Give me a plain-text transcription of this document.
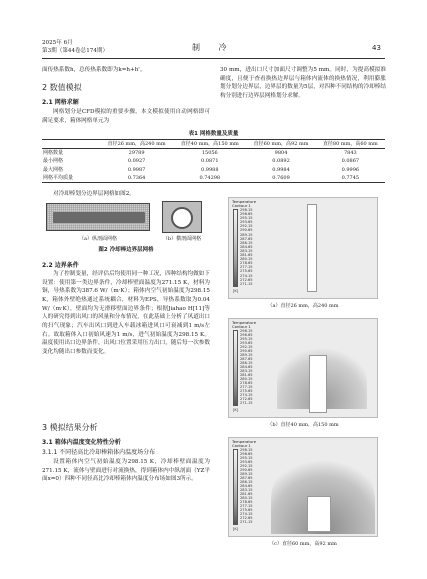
2025年 6月
第3期（第44卷总174期）	制 冷	43
面传热系数h，总传热系数即为k=h+h'。
2 数值模拟
2.1 网格求解
网格划分是CFD模拟的重要步骤，本文模拟使用自动网格即可满足要求，箱体网格单元为
30 mm，进出口尺寸加面尺寸调整为5 mm。同时，为提高模拟准确度，且便于查看换热边界层与箱体内流体的换热情况，利用膨胀划分划分边界层，边界层的数量为5层，对四种不同结构的冷却棒结构分别进行边界层网格划分求解。
表1 网格数量及质量
	直径26 mm，高240 mm	直径40 mm，高150 mm	直径60 mm，高92 mm	直径80 mm，高60 mm
网格数量	29789	15056	9804	7843
最小网格	0.0927	0.0871	0.0892	0.0867
最大网格	0.9987	0.9988	0.9984	0.9996
网格平均质量	0.7364	0.74298	0.7609	0.7745
对冷却棒划分边界层网格如图2。
（a）纵剖面网格	（b）横剖面网格
图2 冷却棒边界层网格
2.2 边界条件
为了控制变量，经评估后均使用同一种工况，四种结构均做如下设置：使用第一类边界条件，冷却棒壁面温度为271.15 K，材料为铜，导热系数为387.6 W/（m·K）；箱体内空气初始温度为298.15 K，箱体外壁绝热通过系统耦合，材料为EPS，导热系数取为0.04 W/（m·K），壁面均为无滑移壁面边界条件；根据Jiahao H[11]等人的研究得到出风口的风量和分布情况，在此基础上分析了风道出口的扫气现象；汽车出风口到进入车载冰箱进风口可衰减到1 m/s左右。故取箱体入口初始风速为1 m/s，进气初始温度为298.15 K。温度使用出口边界条件，出风口位置采用压力出口，随后每一次参数变化均随出口参数而变化。
3 模拟结果分析
3.1 箱体内温度变化特性分析
3.1.1 不同径高比冷却棒箱体内温度场分布
设置箱体内空气初始温度为298.15 K，冷却棒壁面温度为271.15 K，流体与壁面进行对流换热，得到箱体内中纵剖面（YZ平面x=0）四种不同径高比冷却棒箱体内温度分布场如图3所示。
Temperature
Contour 1
298.15
296.65
295.15
293.65
292.15
290.65
289.15
287.65
286.15
284.65
283.15
281.65
280.15
278.65
277.15
275.65
274.15
272.65
271.15
[K]
（a）直径26 mm，高240 mm
Temperature
Contour 1
298.15
296.65
295.15
293.65
292.15
290.65
289.15
287.65
286.15
284.65
283.15
281.65
280.15
278.65
277.15
275.65
274.15
272.65
271.15
[K]
（b）直径40 mm，高150 mm
Temperature
Contour 1
298.15
296.65
295.15
293.65
292.15
290.65
289.15
287.65
286.15
284.65
283.15
281.65
280.15
278.65
277.15
275.65
274.15
272.65
271.15
[K]
（c）直径60 mm，高92 mm
